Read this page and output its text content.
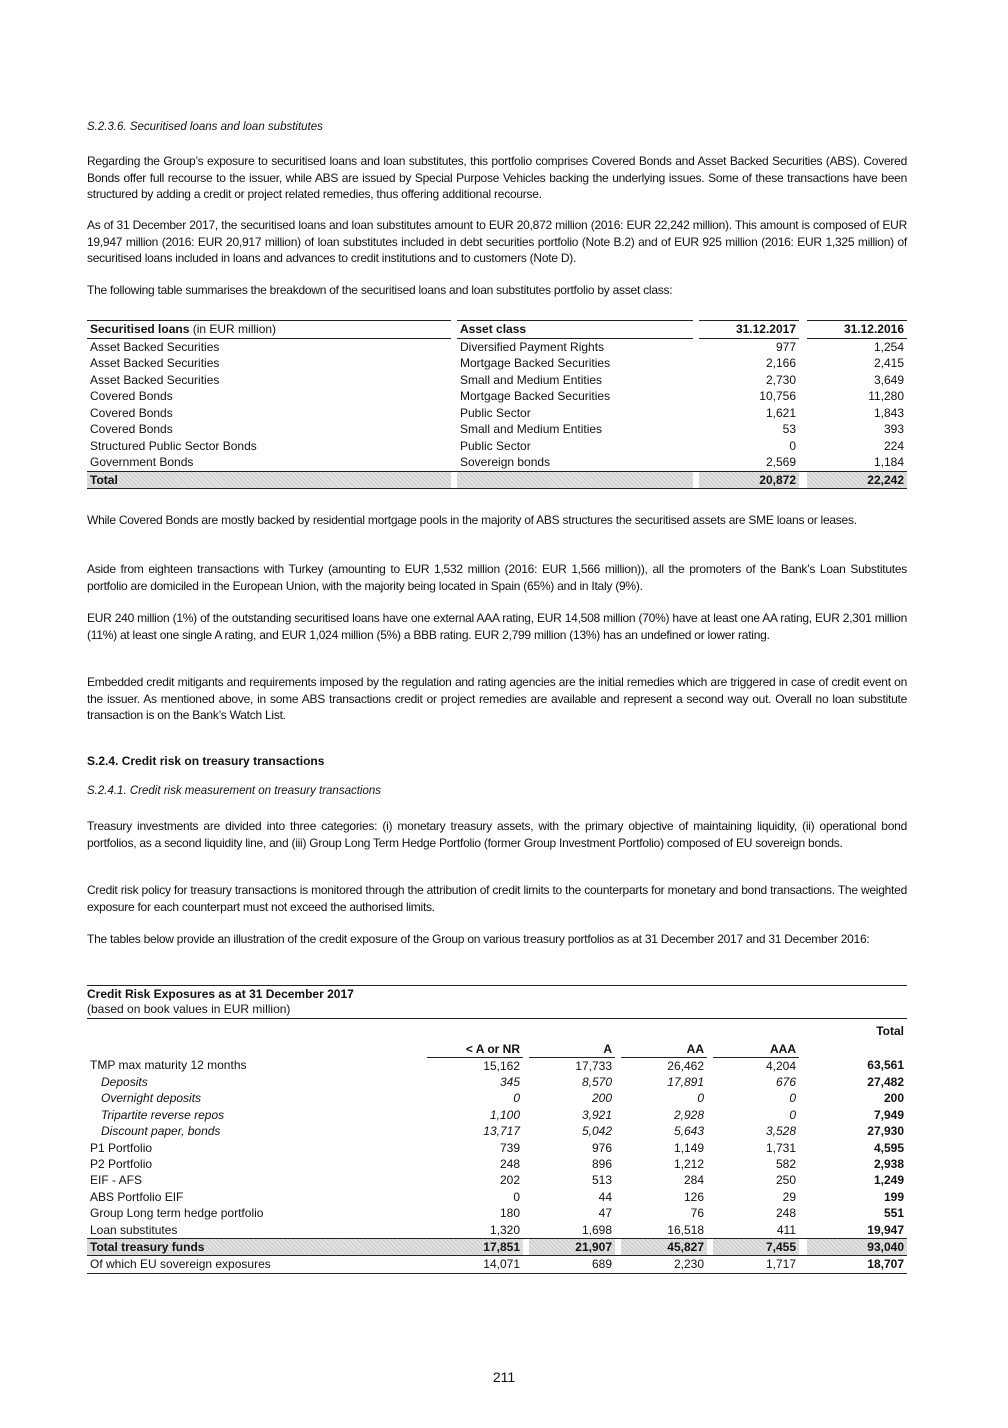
S.2.3.6. Securitised loans and loan substitutes

Regarding the Group’s exposure to securitised loans and loan substitutes, this portfolio comprises Covered Bonds and Asset Backed Securities (ABS). Covered Bonds offer full recourse to the issuer, while ABS are issued by Special Purpose Vehicles backing the underlying issues. Some of these transactions have been structured by adding a credit or project related remedies, thus offering additional recourse.

As of 31 December 2017, the securitised loans and loan substitutes amount to EUR 20,872 million (2016: EUR 22,242 million). This amount is composed of EUR 19,947 million (2016: EUR 20,917 million) of loan substitutes included in debt securities portfolio (Note B.2) and of EUR 925 million (2016: EUR 1,325 million) of securitised loans included in loans and advances to credit institutions and to customers (Note D).

The following table summarises the breakdown of the securitised loans and loan substitutes portfolio by asset class:

Securitised loans (in EUR million)		Asset class		31.12.2017		31.12.2016
Asset Backed Securities		Diversified Payment Rights		977		1,254
Asset Backed Securities		Mortgage Backed Securities		2,166		2,415
Asset Backed Securities		Small and Medium Entities		2,730		3,649
Covered Bonds		Mortgage Backed Securities		10,756		11,280
Covered Bonds		Public Sector		1,621		1,843
Covered Bonds		Small and Medium Entities		53		393
Structured Public Sector Bonds		Public Sector		0		224
Government Bonds		Sovereign bonds		2,569		1,184
Total				20,872		22,242

While Covered Bonds are mostly backed by residential mortgage pools in the majority of ABS structures the securitised assets are SME loans or leases.

Aside from eighteen transactions with Turkey (amounting to EUR 1,532 million (2016: EUR 1,566 million)), all the promoters of the Bank’s Loan Substitutes portfolio are domiciled in the European Union, with the majority being located in Spain (65%) and in Italy (9%).

EUR 240 million (1%) of the outstanding securitised loans have one external AAA rating, EUR 14,508 million (70%) have at least one AA rating, EUR 2,301 million (11%) at least one single A rating, and EUR 1,024 million (5%) a BBB rating. EUR 2,799 million (13%) has an undefined or lower rating.

Embedded credit mitigants and requirements imposed by the regulation and rating agencies are the initial remedies which are triggered in case of credit event on the issuer. As mentioned above, in some ABS transactions credit or project remedies are available and represent a second way out. Overall no loan substitute transaction is on the Bank’s Watch List.

S.2.4. Credit risk on treasury transactions
S.2.4.1. Credit risk measurement on treasury transactions

Treasury investments are divided into three categories: (i) monetary treasury assets, with the primary objective of maintaining liquidity, (ii) operational bond portfolios, as a second liquidity line, and (iii) Group Long Term Hedge Portfolio (former Group Investment Portfolio) composed of EU sovereign bonds.

Credit risk policy for treasury transactions is monitored through the attribution of credit limits to the counterparts for monetary and bond transactions. The weighted exposure for each counterpart must not exceed the authorised limits.

The tables below provide an illustration of the credit exposure of the Group on various treasury portfolios as at 31 December 2017 and 31 December 2016:

Credit Risk Exposures as at 31 December 2017
(based on book values in EUR million)
	< A or NR		A		AA		AAA		Total
TMP max maturity 12 months	15,162		17,733		26,462		4,204		63,561
Deposits	345		8,570		17,891		676		27,482
Overnight deposits	0		200		0		0		200
Tripartite reverse repos	1,100		3,921		2,928		0		7,949
Discount paper, bonds	13,717		5,042		5,643		3,528		27,930
P1 Portfolio	739		976		1,149		1,731		4,595
P2 Portfolio	248		896		1,212		582		2,938
EIF - AFS	202		513		284		250		1,249
ABS Portfolio EIF	0		44		126		29		199
Group Long term hedge portfolio	180		47		76		248		551
Loan substitutes	1,320		1,698		16,518		411		19,947
Total treasury funds	17,851		21,907		45,827		7,455		93,040
Of which EU sovereign exposures	14,071		689		2,230		1,717		18,707
211
